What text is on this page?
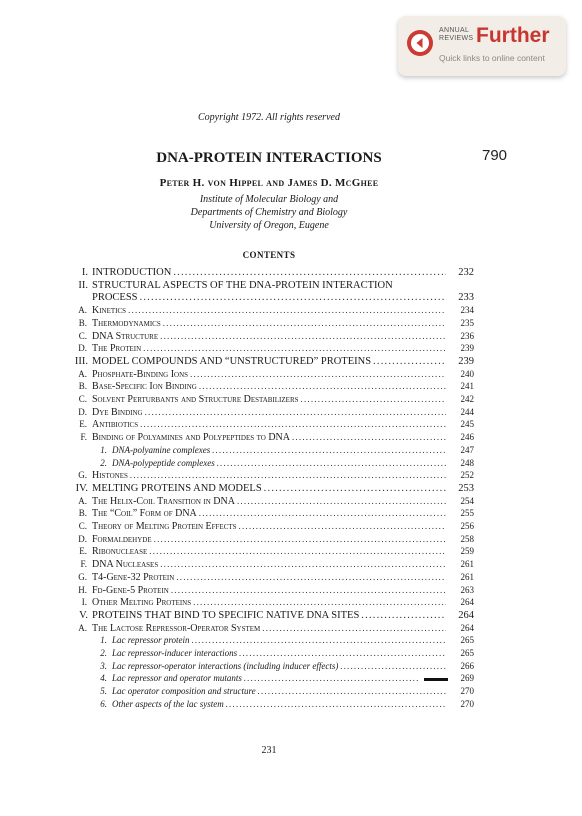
ANNUAL
REVIEWS Further
Quick links to online content
Copyright 1972. All rights reserved
790
DNA-PROTEIN INTERACTIONS
Peter H. von Hippel and James D. McGhee
Institute of Molecular Biology and
Departments of Chemistry and Biology
University of Oregon, Eugene
CONTENTS
I. INTRODUCTION .....	232
II. STRUCTURAL ASPECTS OF THE DNA-PROTEIN INTERACTION
PROCESS .....	233
A. Kinetics .....	234
B. Thermodynamics .....	235
C. DNA Structure .....	236
D. The Protein .....	239
III. MODEL COMPOUNDS AND “UNSTRUCTURED” PROTEINS .....	239
A. Phosphate-Binding Ions .....	240
B. Base-Specific Ion Binding .....	241
C. Solvent Perturbants and Structure Destabilizers .....	242
D. Dye Binding .....	244
E. Antibiotics .....	245
F. Binding of Polyamines and Polypeptides to DNA .....	246
1. DNA-polyamine complexes .....	247
2. DNA-polypeptide complexes .....	248
G. Histones .....	252
IV. MELTING PROTEINS AND MODELS .....	253
A. The Helix-Coil Transition in DNA .....	254
B. The “Coil” Form of DNA .....	255
C. Theory of Melting Protein Effects .....	256
D. Formaldehyde .....	258
E. Ribonuclease .....	259
F. DNA Nucleases .....	261
G. T4-Gene-32 Protein .....	261
H. Fd-Gene-5 Protein .....	263
I. Other Melting Proteins .....	264
V. PROTEINS THAT BIND TO SPECIFIC NATIVE DNA SITES .....	264
A. The Lactose Repressor-Operator System .....	264
1. Lac repressor protein .....	265
2. Lac repressor-inducer interactions .....	265
3. Lac repressor-operator interactions (including inducer effects) .....	266
4. Lac repressor and operator mutants .....	269
5. Lac operator composition and structure .....	270
6. Other aspects of the lac system .....	270
231
